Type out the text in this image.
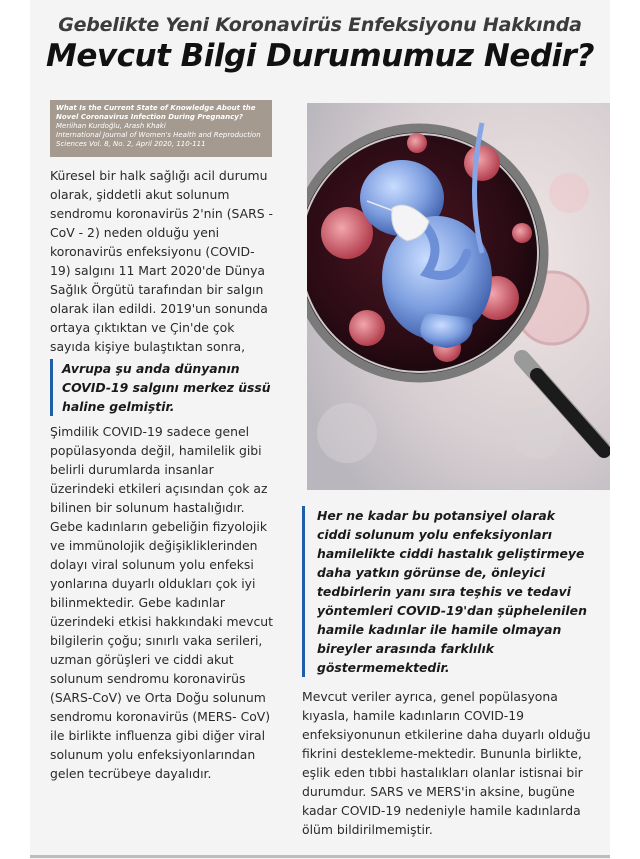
Gebelikte Yeni Koronavirüs Enfeksiyonu Hakkında
Mevcut Bilgi Durumumuz Nedir?
What Is the Current State of Knowledge About the Novel Coronavirus Infection During Pregnancy?
Meriihan Kurdoğlu, Arash Khaki
International Journal of Women's Health and Reproduction Sciences Vol. 8, No. 2, April 2020, 110-111

Küresel bir halk sağlığı acil durumu olarak, şiddetli akut solunum sendromu koronavirüs 2'nin (SARS - CoV - 2) neden olduğu yeni koronavirüs enfeksiyonu (COVID-19) salgını 11 Mart 2020'de Dünya Sağlık Örgütü tarafından bir salgın olarak ilan edildi. 2019'un sonunda ortaya çıktıktan ve Çin'de çok sayıda kişiye bulaştıktan sonra,

Avrupa şu anda dünyanın COVID-19 salgını merkez üssü haline gelmiştir.

Şimdilik COVID-19 sadece genel popülasyonda değil, hamilelik gibi belirli durumlarda insanlar üzerindeki etkileri açısından çok az bilinen bir solunum hastalığıdır.

Gebe kadınların gebeliğin fizyolojik ve immünolojik değişikliklerinden dolayı viral solunum yolu enfeksi yonlarına duyarlı oldukları çok iyi bilinmektedir. Gebe kadınlar üzerindeki etkisi hakkındaki mevcut bilgilerin çoğu; sınırlı vaka serileri, uzman görüşleri ve ciddi akut solunum sendromu koronavirüs (SARS-CoV) ve Orta Doğu solunum sendromu koronavirüs (MERS- CoV) ile birlikte influenza gibi diğer viral solunum yolu enfeksiyonlarından gelen tecrübeye dayalıdır.

Her ne kadar bu potansiyel olarak ciddi solunum yolu enfeksiyonları hamilelikte ciddi hastalık geliştirmeye daha yatkın görünse de, önleyici tedbirlerin yanı sıra teşhis ve tedavi yöntemleri COVID-19'dan şüphelenilen hamile kadınlar ile hamile olmayan bireyler arasında farklılık göstermemektedir.

Mevcut veriler ayrıca, genel popülasyona kıyasla, hamile kadınların COVID-19 enfeksiyonunun etkilerine daha duyarlı olduğu fikrini destekleme-mektedir. Bununla birlikte, eşlik eden tıbbi hastalıkları olanlar istisnai bir durumdur. SARS ve MERS'in aksine, bugüne kadar COVID-19 nedeniyle hamile kadınlarda ölüm bildirilmemiştir.
